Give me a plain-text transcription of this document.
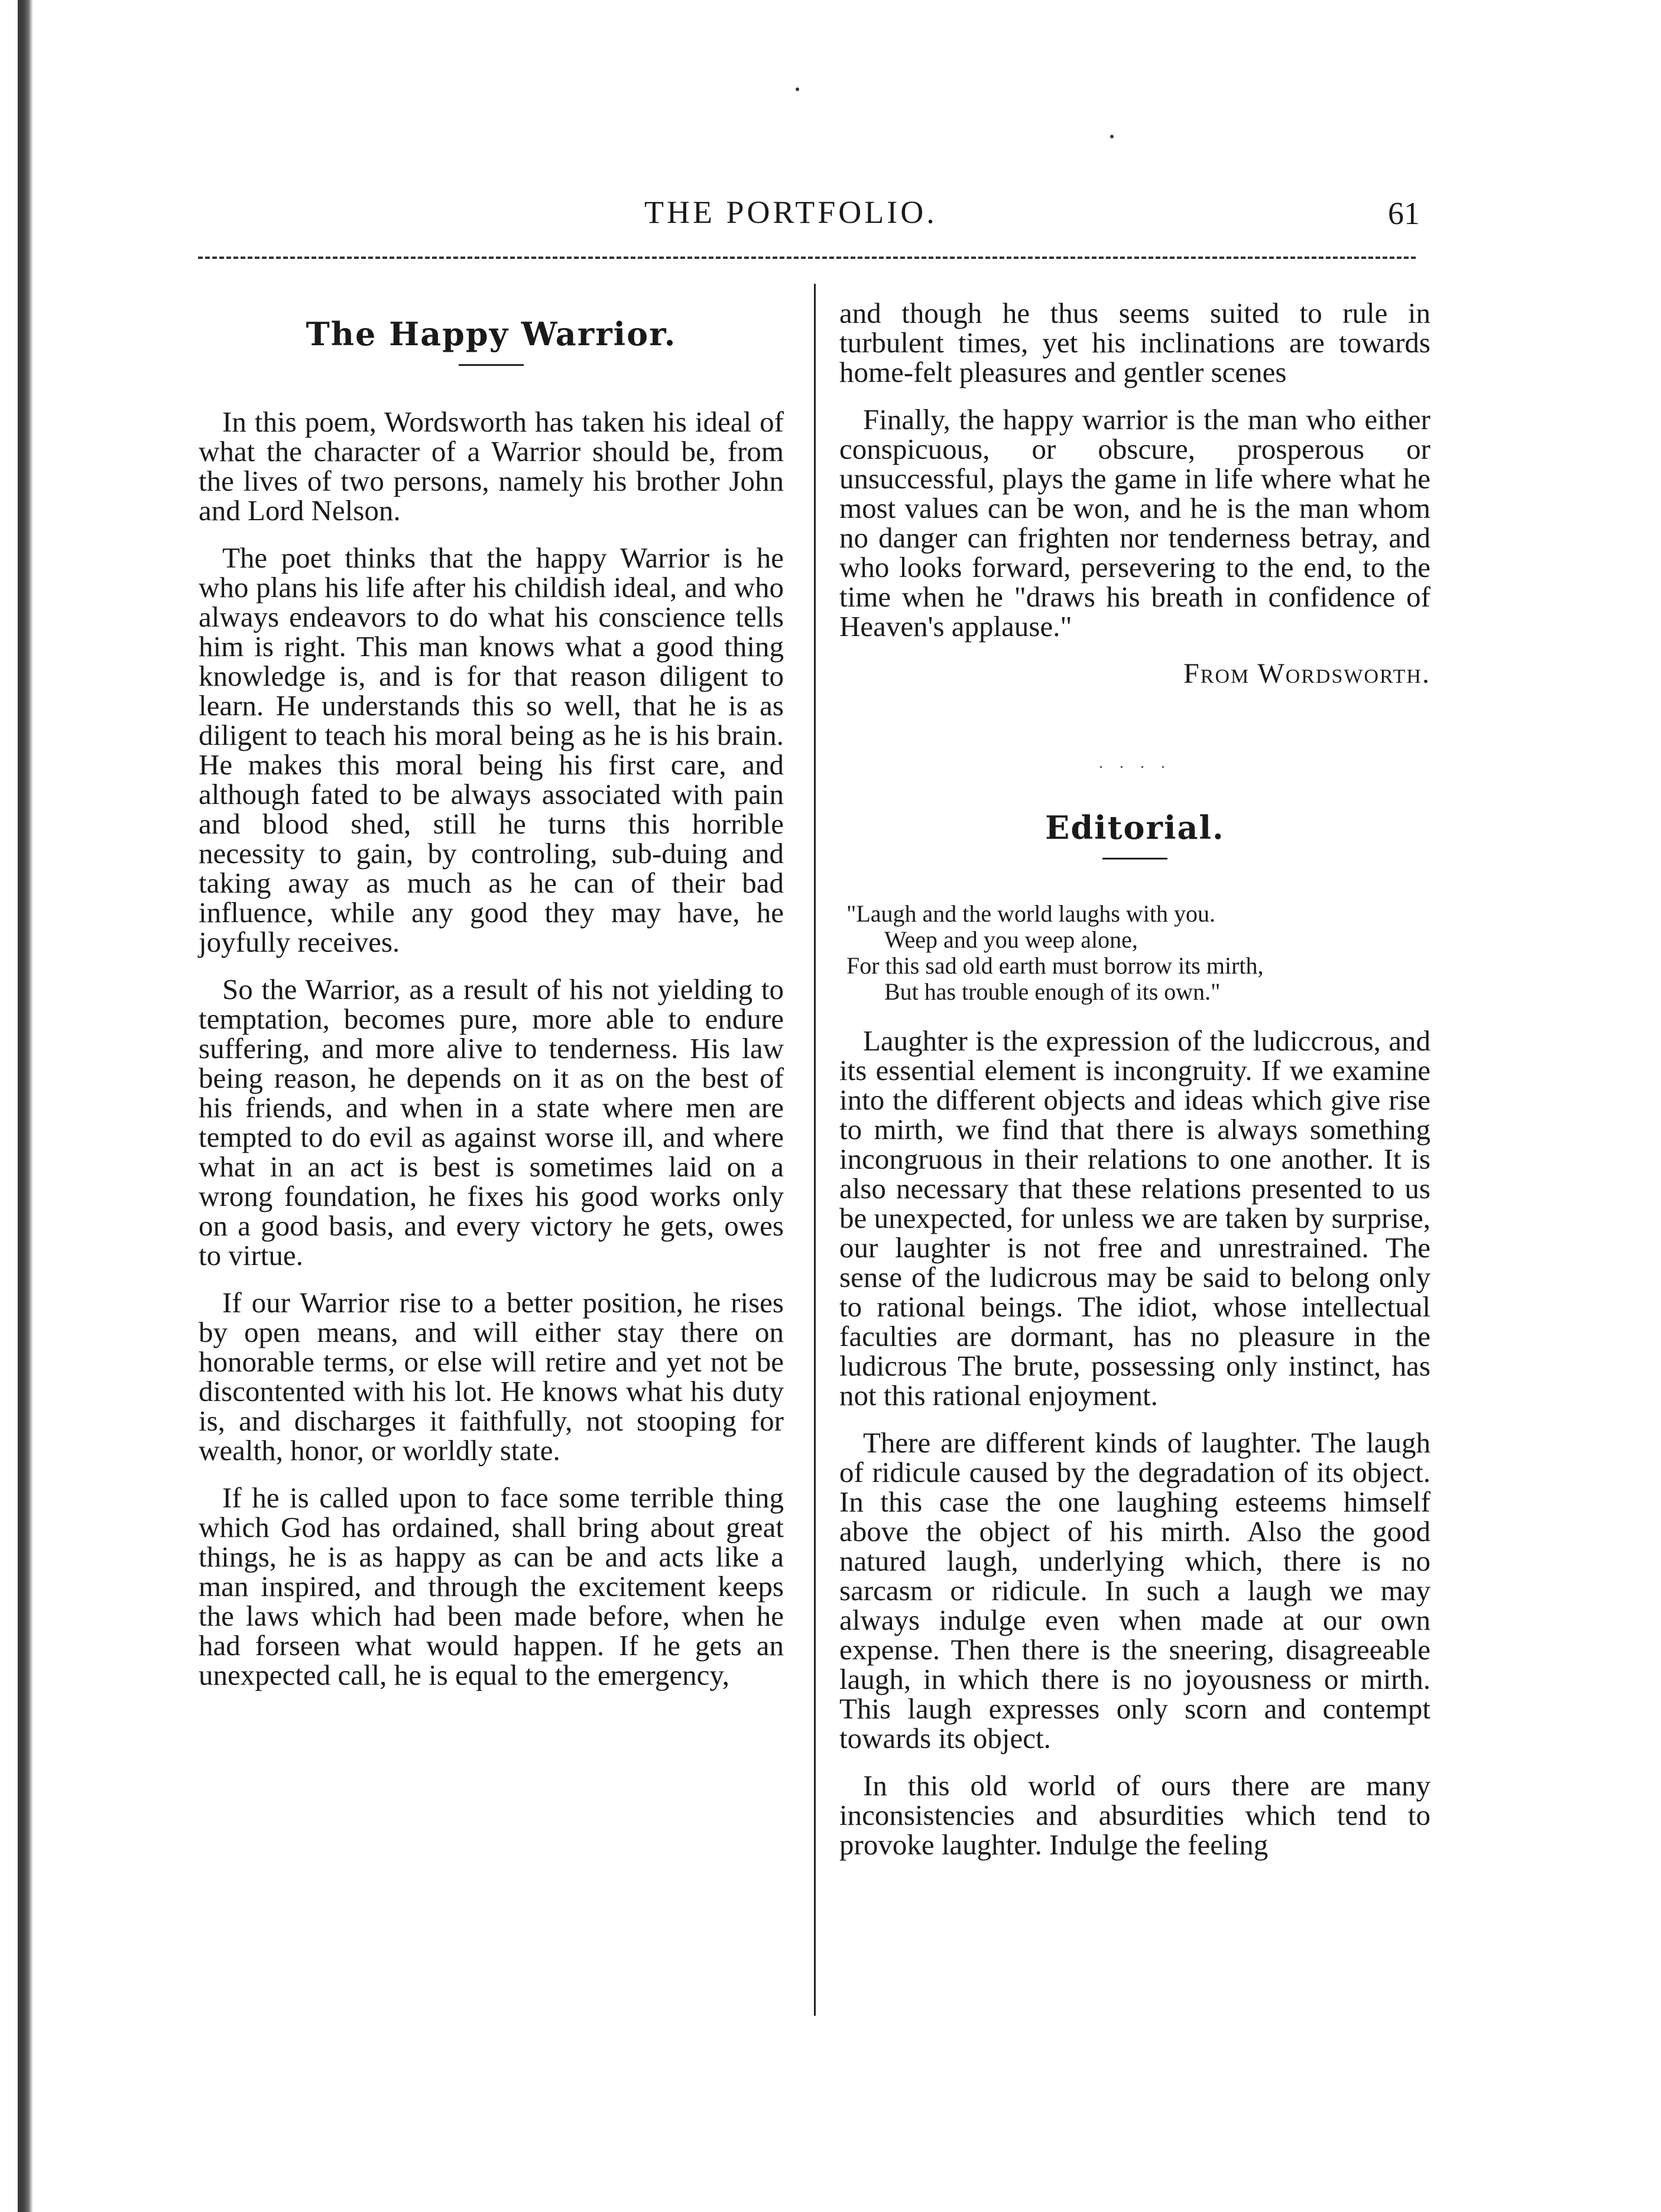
THE PORTFOLIO.	61
The Happy Warrior.

In this poem, Wordsworth has taken his ideal of what the character of a Warrior should be, from the lives of two persons, namely his brother John and Lord Nelson.

The poet thinks that the happy Warrior is he who plans his life after his childish ideal, and who always endeavors to do what his conscience tells him is right. This man knows what a good thing knowledge is, and is for that reason diligent to learn. He understands this so well, that he is as diligent to teach his moral being as he is his brain. He makes this moral being his first care, and although fated to be always associated with pain and blood shed, still he turns this horrible necessity to gain, by controling, sub-duing and taking away as much as he can of their bad influence, while any good they may have, he joyfully receives.

So the Warrior, as a result of his not yielding to temptation, becomes pure, more able to endure suffering, and more alive to tenderness. His law being reason, he depends on it as on the best of his friends, and when in a state where men are tempted to do evil as against worse ill, and where what in an act is best is sometimes laid on a wrong foundation, he fixes his good works only on a good basis, and every victory he gets, owes to virtue.

If our Warrior rise to a better position, he rises by open means, and will either stay there on honorable terms, or else will retire and yet not be discontented with his lot. He knows what his duty is, and discharges it faithfully, not stooping for wealth, honor, or worldly state.

If he is called upon to face some terrible thing which God has ordained, shall bring about great things, he is as happy as can be and acts like a man inspired, and through the excitement keeps the laws which had been made before, when he had forseen what would happen. If he gets an unexpected call, he is equal to the emergency,

and though he thus seems suited to rule in turbulent times, yet his inclinations are towards home-felt pleasures and gentler scenes

Finally, the happy warrior is the man who either conspicuous, or obscure, prosperous or unsuccessful, plays the game in life where what he most values can be won, and he is the man whom no danger can frighten nor tenderness betray, and who looks forward, persevering to the end, to the time when he "draws his breath in confidence of Heaven's applause."

From Wordsworth.
. . . .
Editorial.
"Laugh and the world laughs with you.
Weep and you weep alone,
For this sad old earth must borrow its mirth,
But has trouble enough of its own."

Laughter is the expression of the ludiccrous, and its essential element is incongruity. If we examine into the different objects and ideas which give rise to mirth, we find that there is always something incongruous in their relations to one another. It is also necessary that these relations presented to us be unexpected, for unless we are taken by surprise, our laughter is not free and unrestrained. The sense of the ludicrous may be said to belong only to rational beings. The idiot, whose intellectual faculties are dormant, has no pleasure in the ludicrous The brute, possessing only instinct, has not this rational enjoyment.

There are different kinds of laughter. The laugh of ridicule caused by the degradation of its object. In this case the one laughing esteems himself above the object of his mirth. Also the good natured laugh, underlying which, there is no sarcasm or ridicule. In such a laugh we may always indulge even when made at our own expense. Then there is the sneering, disagreeable laugh, in which there is no joyousness or mirth. This laugh expresses only scorn and contempt towards its object.

In this old world of ours there are many inconsistencies and absurdities which tend to provoke laughter. Indulge the feeling
